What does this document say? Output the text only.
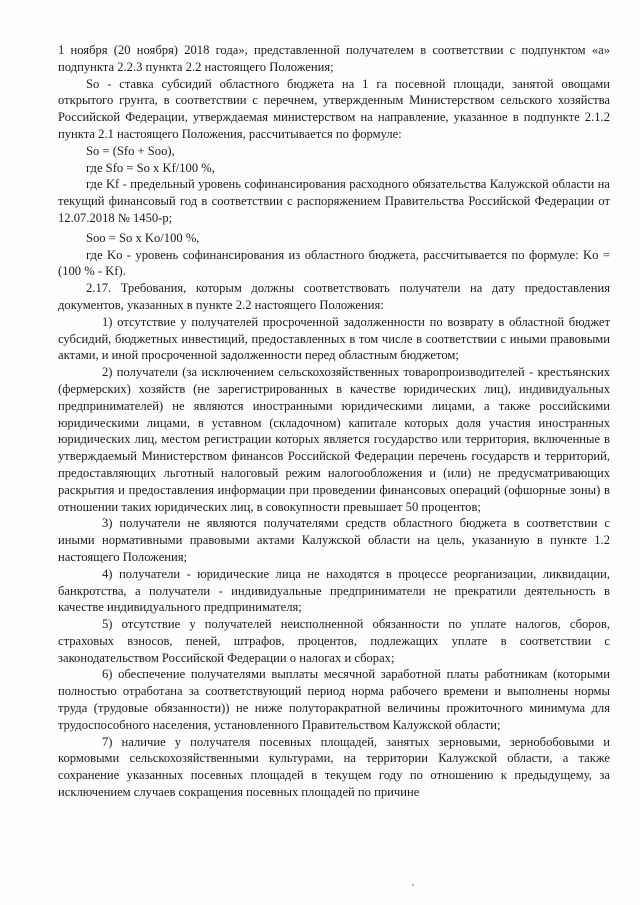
1 ноября (20 ноября) 2018 года», представленной получателем в соответствии с подпунктом «а» подпункта 2.2.3 пункта 2.2 настоящего Положения;

Sо - ставка субсидий областного бюджета на 1 га посевной площади, занятой овощами открытого грунта, в соответствии с перечнем, утвержденным Министерством сельского хозяйства Российской Федерации, утверждаемая министерством на направление, указанное в подпункте 2.1.2 пункта 2.1 настоящего Положения, рассчитывается по формуле:

Sо = (Sfо + Sоо),

где Sfо = Sо x Kf/100 %,

где Kf - предельный уровень софинансирования расходного обязательства Калужской области на текущий финансовый год в соответствии с распоряжением Правительства Российской Федерации от 12.07.2018 № 1450-р;

Sоо = Sо x Kо/100 %,

где Kо - уровень софинансирования из областного бюджета, рассчитывается по формуле: Kо = (100 % - Kf).

2.17. Требования, которым должны соответствовать получатели на дату предоставления документов, указанных в пункте 2.2 настоящего Положения:

1) отсутствие у получателей просроченной задолженности по возврату в областной бюджет субсидий, бюджетных инвестиций, предоставленных в том числе в соответствии с иными правовыми актами, и иной просроченной задолженности перед областным бюджетом;

2) получатели (за исключением сельскохозяйственных товаропроизводителей - крестьянских (фермерских) хозяйств (не зарегистрированных в качестве юридических лиц), индивидуальных предпринимателей) не являются иностранными юридическими лицами, а также российскими юридическими лицами, в уставном (складочном) капитале которых доля участия иностранных юридических лиц, местом регистрации которых является государство или территория, включенные в утверждаемый Министерством финансов Российской Федерации перечень государств и территорий, предоставляющих льготный налоговый режим налогообложения и (или) не предусматривающих раскрытия и предоставления информации при проведении финансовых операций (офшорные зоны) в отношении таких юридических лиц, в совокупности превышает 50 процентов;

3) получатели не являются получателями средств областного бюджета в соответствии с иными нормативными правовыми актами Калужской области на цель, указанную в пункте 1.2 настоящего Положения;

4) получатели - юридические лица не находятся в процессе реорганизации, ликвидации, банкротства, а получатели - индивидуальные предприниматели не прекратили деятельность в качестве индивидуального предпринимателя;

5) отсутствие у получателей неисполненной обязанности по уплате налогов, сборов, страховых взносов, пеней, штрафов, процентов, подлежащих уплате в соответствии с законодательством Российской Федерации о налогах и сборах;

6) обеспечение получателями выплаты месячной заработной платы работникам (которыми полностью отработана за соответствующий период норма рабочего времени и выполнены нормы труда (трудовые обязанности)) не ниже полуторакратной величины прожиточного минимума для трудоспособного населения, установленного Правительством Калужской области;

7) наличие у получателя посевных площадей, занятых зерновыми, зернобобовыми и кормовыми сельскохозяйственными культурами, на территории Калужской области, а также сохранение указанных посевных площадей в текущем году по отношению к предыдущему, за исключением случаев сокращения посевных площадей по причине
